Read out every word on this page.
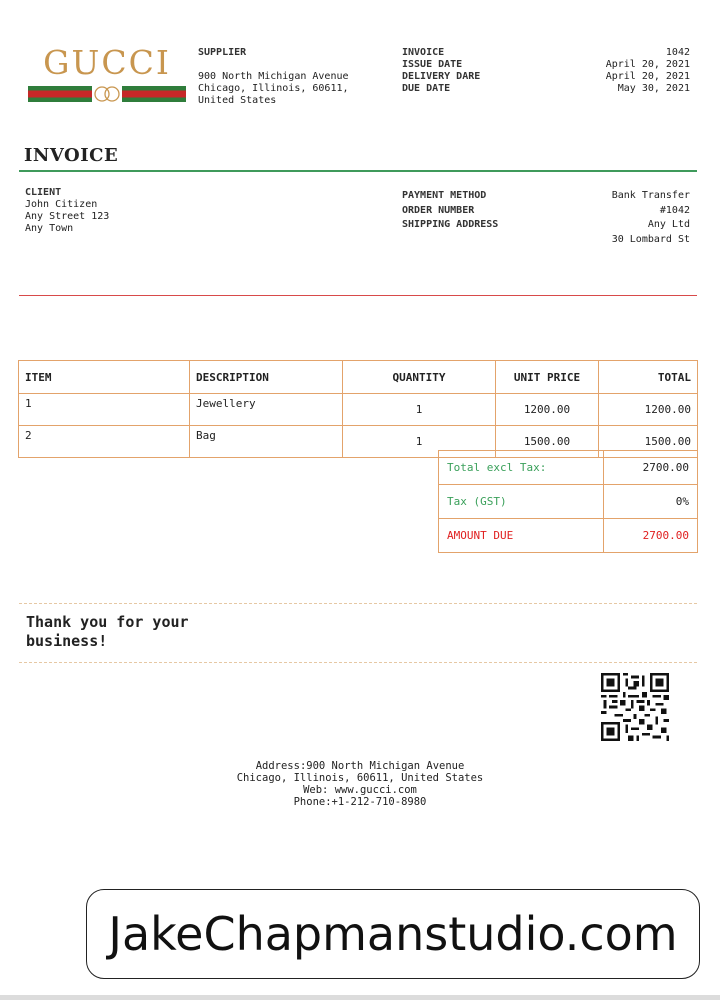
GUCCI	SUPPLIER
900 North Michigan Avenue
Chicago, Illinois, 60611,
United States
INVOICE	1042
ISSUE DATE	April 20, 2021
DELIVERY DARE	April 20, 2021
DUE DATE	May 30, 2021
INVOICE
CLIENT
John Citizen
Any Street 123
Any Town
PAYMENT METHOD	Bank Transfer
ORDER NUMBER	#1042
SHIPPING ADDRESS	Any Ltd
30 Lombard St
ITEM	DESCRIPTION	QUANTITY	UNIT PRICE	TOTAL
1	Jewellery	1	1200.00	1200.00
2	Bag	1	1500.00	1500.00
Total excl Tax:	2700.00
Tax (GST)	0%
AMOUNT DUE	2700.00
Thank you for your
business!
Address:900 North Michigan Avenue
Chicago, Illinois, 60611, United States
Web: www.gucci.com
Phone:+1-212-710-8980
JakeChapmanstudio.com
